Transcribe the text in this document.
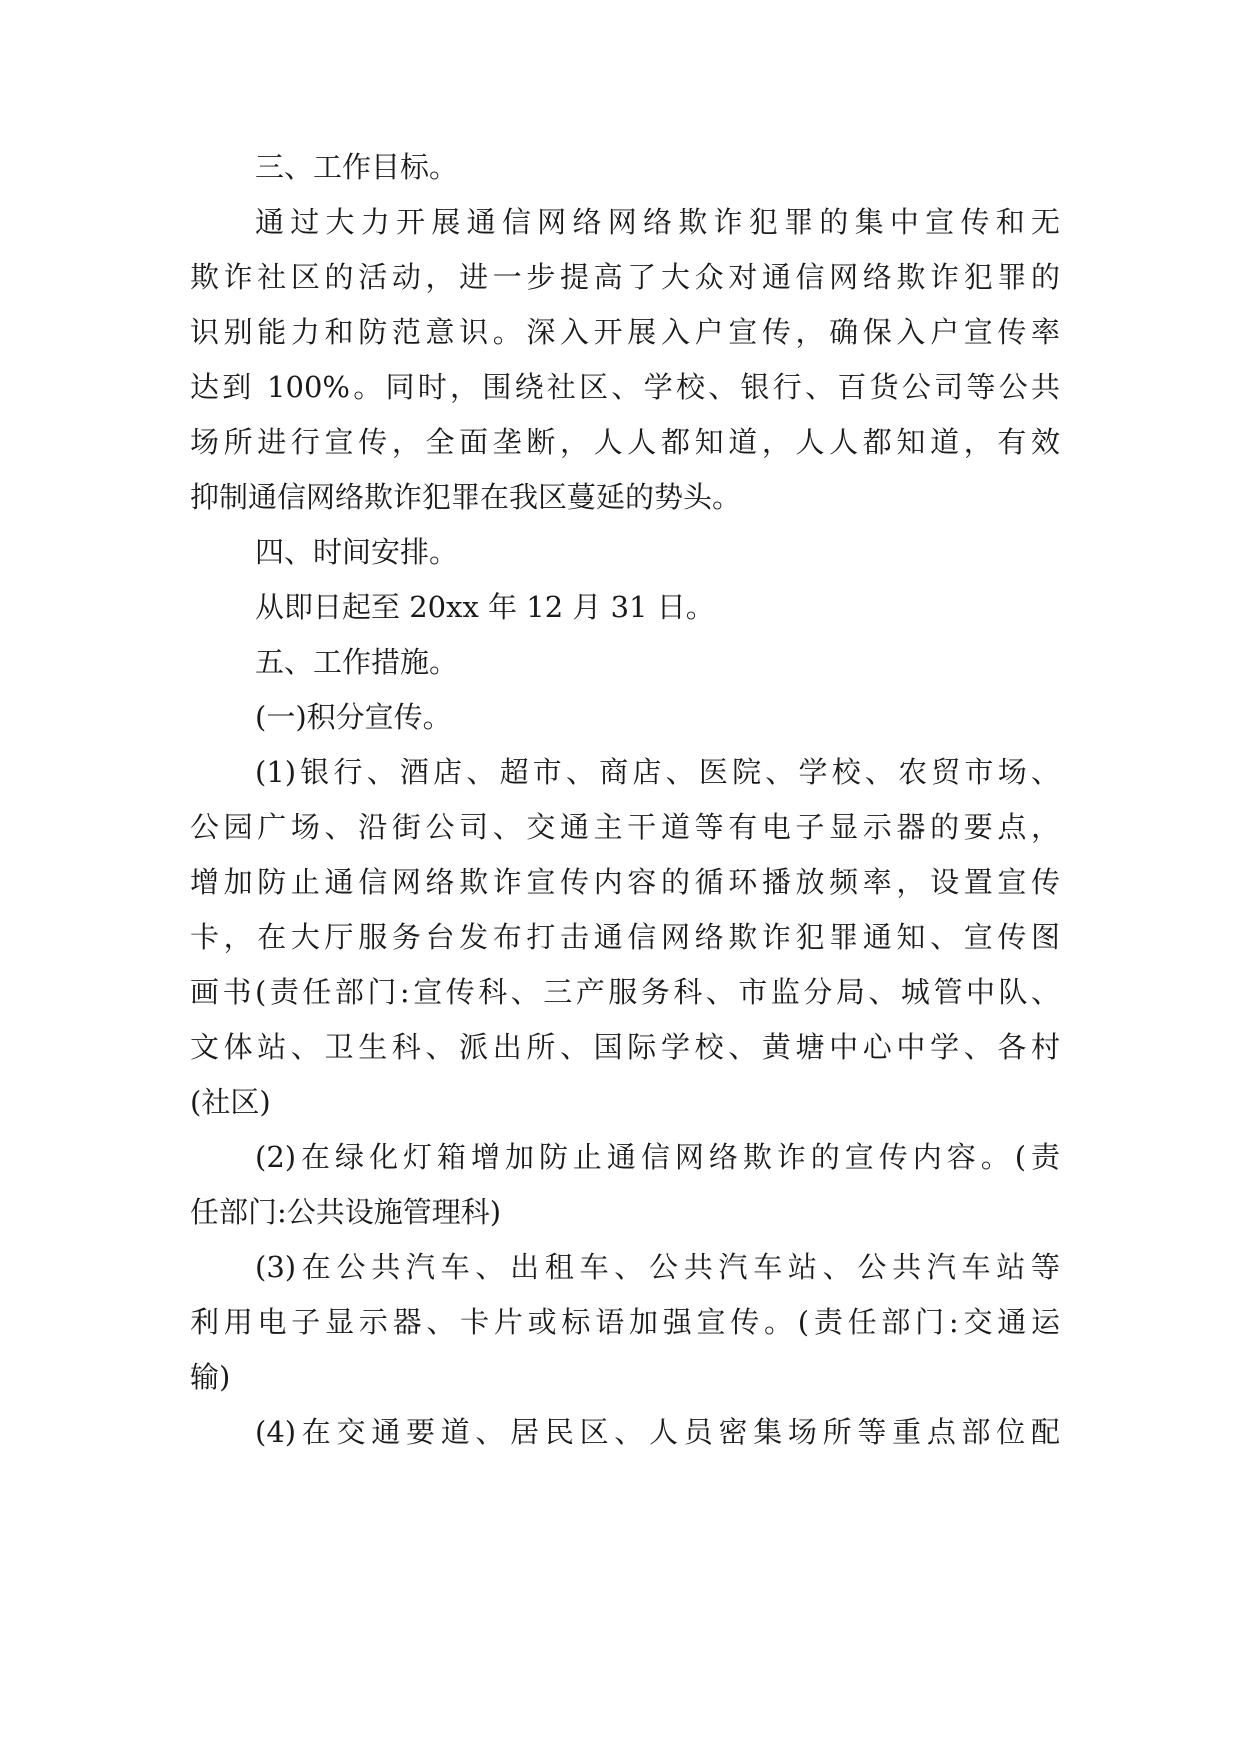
三、工作目标。
通过大力开展通信网络网络欺诈犯罪的集中宣传和无
欺诈社区的活动，进一步提高了大众对通信网络欺诈犯罪的
识别能力和防范意识。深入开展入户宣传，确保入户宣传率
达到 100%。同时，围绕社区、学校、银行、百货公司等公共
场所进行宣传，全面垄断，人人都知道，人人都知道，有效
抑制通信网络欺诈犯罪在我区蔓延的势头。
四、时间安排。
从即日起至 20xx 年 12 月 31 日。
五、工作措施。
(一)积分宣传。
(1)银行、酒店、超市、商店、医院、学校、农贸市场、
公园广场、沿街公司、交通主干道等有电子显示器的要点，
增加防止通信网络欺诈宣传内容的循环播放频率，设置宣传
卡，在大厅服务台发布打击通信网络欺诈犯罪通知、宣传图
画书(责任部门:宣传科、三产服务科、市监分局、城管中队、
文体站、卫生科、派出所、国际学校、黄塘中心中学、各村
(社区)
(2)在绿化灯箱增加防止通信网络欺诈的宣传内容。(责
任部门:公共设施管理科)
(3)在公共汽车、出租车、公共汽车站、公共汽车站等
利用电子显示器、卡片或标语加强宣传。(责任部门:交通运
输)
(4)在交通要道、居民区、人员密集场所等重点部位配
